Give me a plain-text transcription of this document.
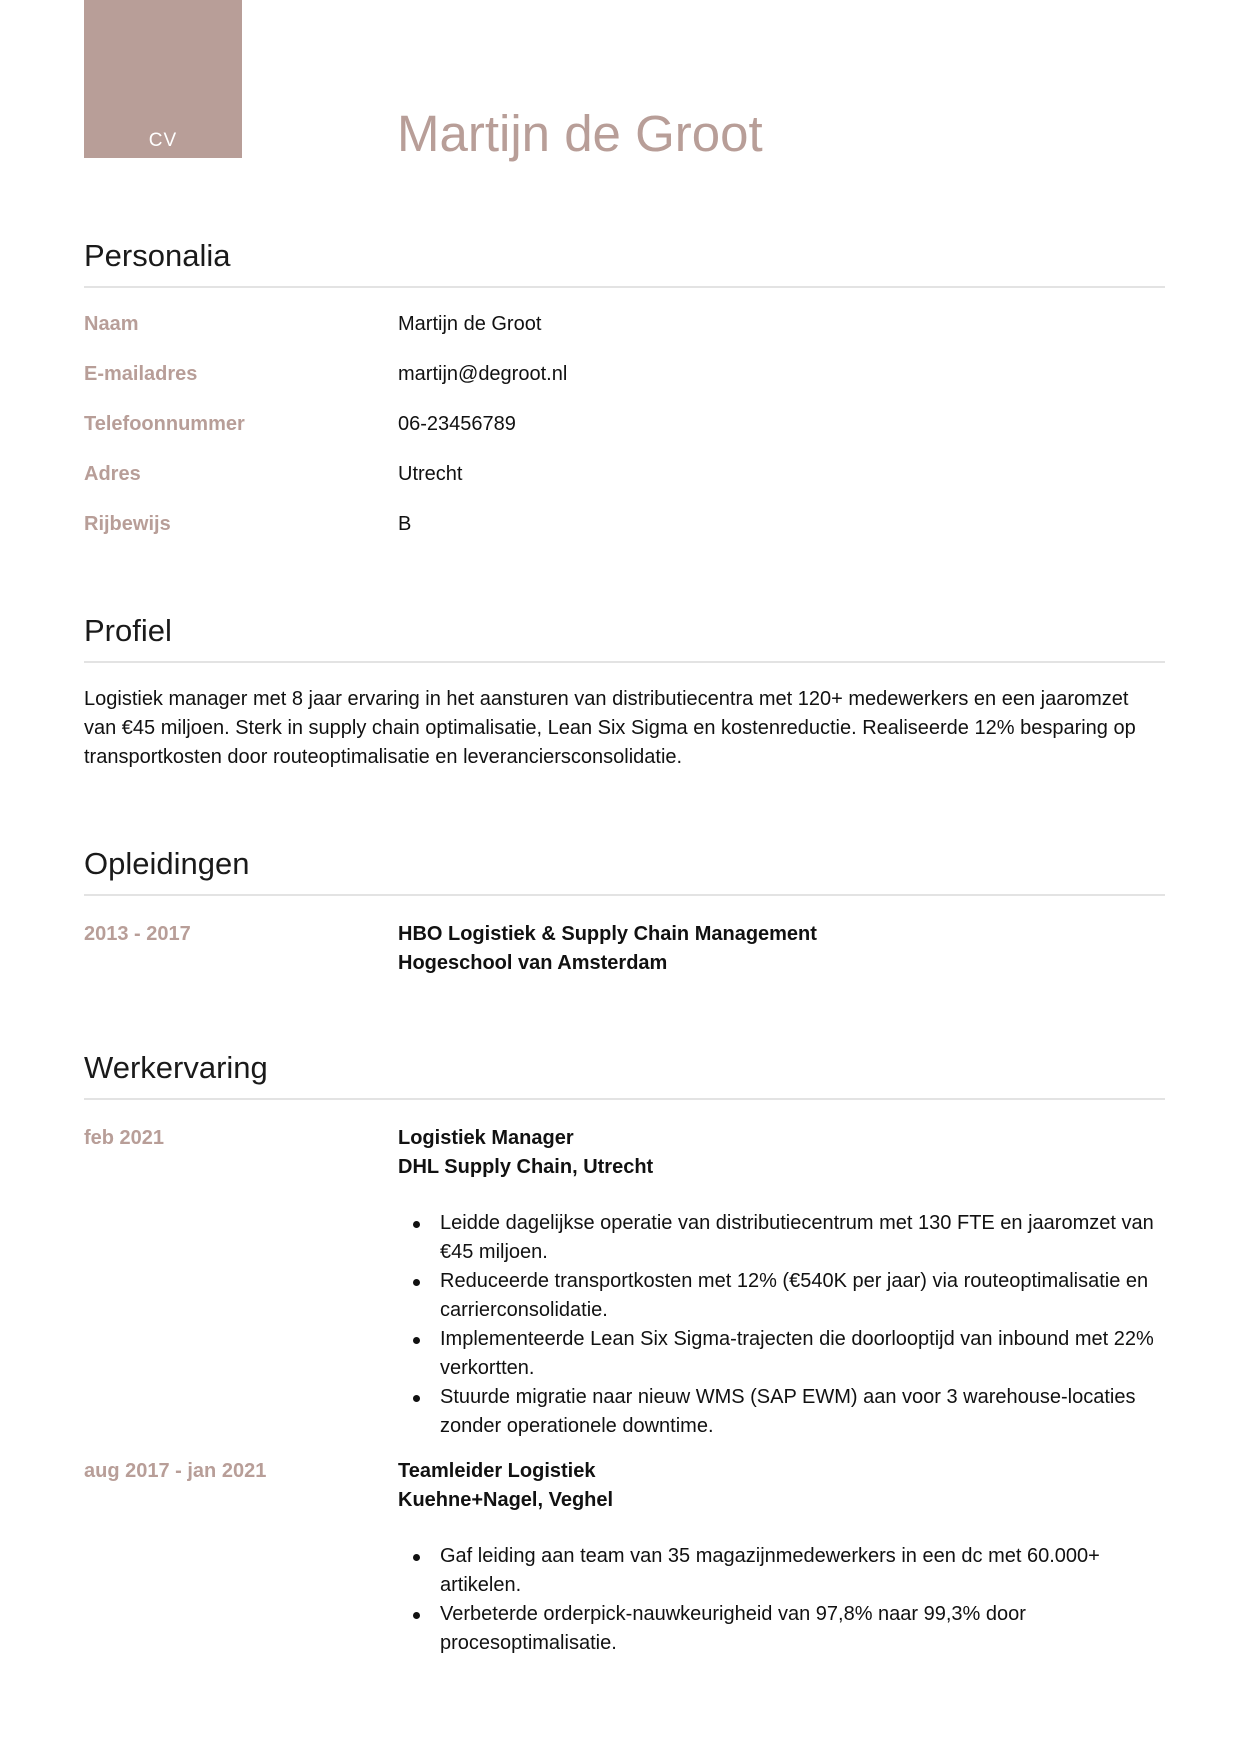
CV	Martijn de Groot
Personalia
Naam	Martijn de Groot
E-mailadres	martijn@degroot.nl
Telefoonnummer	06-23456789
Adres	Utrecht
Rijbewijs	B
Profiel

Logistiek manager met 8 jaar ervaring in het aansturen van distributiecentra met 120+ medewerkers en een jaaromzet van €45 miljoen. Sterk in supply chain optimalisatie, Lean Six Sigma en kostenreductie. Realiseerde 12% besparing op transportkosten door routeoptimalisatie en leveranciersconsolidatie.

Opleidingen
2013 - 2017	HBO Logistiek & Supply Chain Management
Hogeschool van Amsterdam
Werkervaring
feb 2021	Logistiek Manager
DHL Supply Chain, Utrecht
Leidde dagelijkse operatie van distributiecentrum met 130 FTE en jaaromzet van €45 miljoen.
Reduceerde transportkosten met 12% (€540K per jaar) via routeoptimalisatie en carrierconsolidatie.
Implementeerde Lean Six Sigma-trajecten die doorlooptijd van inbound met 22% verkortten.
Stuurde migratie naar nieuw WMS (SAP EWM) aan voor 3 warehouse-locaties zonder operationele downtime.
aug 2017 - jan 2021	Teamleider Logistiek
Kuehne+Nagel, Veghel
Gaf leiding aan team van 35 magazijnmedewerkers in een dc met 60.000+ artikelen.
Verbeterde orderpick-nauwkeurigheid van 97,8% naar 99,3% door procesoptimalisatie.
